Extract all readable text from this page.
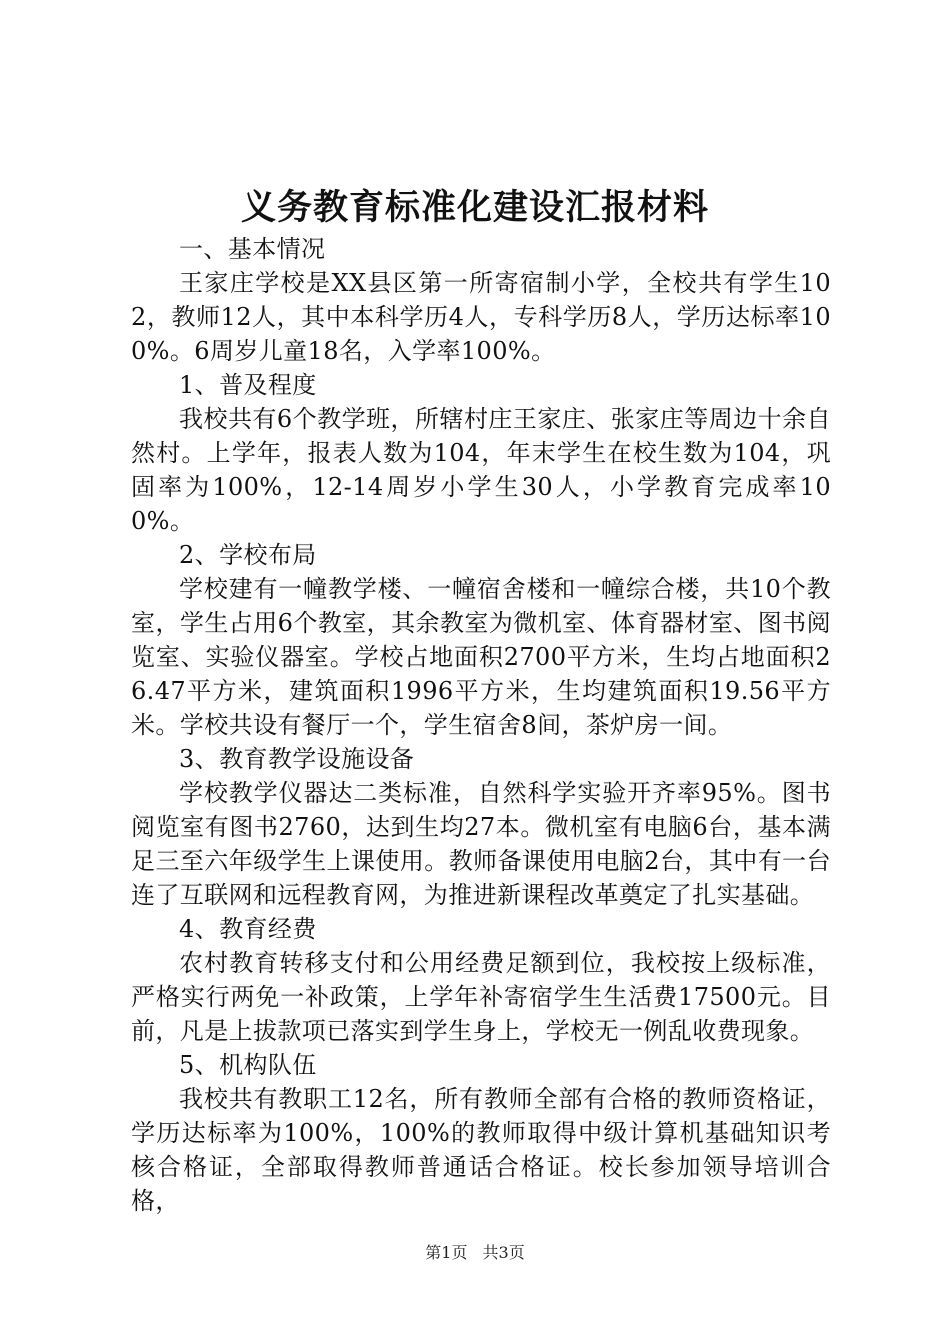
义务教育标准化建设汇报材料

一、基本情况

王家庄学校是XX县区第一所寄宿制小学，全校共有学生102，教师12人，其中本科学历4人，专科学历8人，学历达标率100%。6周岁儿童18名，入学率100%。

1、普及程度

我校共有6个教学班，所辖村庄王家庄、张家庄等周边十余自然村。上学年，报表人数为104，年末学生在校生数为104，巩固率为100%，12-14周岁小学生30人，小学教育完成率100%。

2、学校布局

学校建有一幢教学楼、一幢宿舍楼和一幢综合楼，共10个教室，学生占用6个教室，其余教室为微机室、体育器材室、图书阅览室、实验仪器室。学校占地面积2700平方米，生均占地面积26.47平方米，建筑面积1996平方米，生均建筑面积19.56平方米。学校共设有餐厅一个，学生宿舍8间，茶炉房一间。

3、教育教学设施设备

学校教学仪器达二类标准，自然科学实验开齐率95%。图书阅览室有图书2760，达到生均27本。微机室有电脑6台，基本满足三至六年级学生上课使用。教师备课使用电脑2台，其中有一台连了互联网和远程教育网，为推进新课程改革奠定了扎实基础。

4、教育经费

农村教育转移支付和公用经费足额到位，我校按上级标准，严格实行两免一补政策，上学年补寄宿学生生活费17500元。目前，凡是上拔款项已落实到学生身上，学校无一例乱收费现象。

5、机构队伍

我校共有教职工12名，所有教师全部有合格的教师资格证，学历达标率为100%，100%的教师取得中级计算机基础知识考核合格证，全部取得教师普通话合格证。校长参加领导培训合格，

第1页 共3页
